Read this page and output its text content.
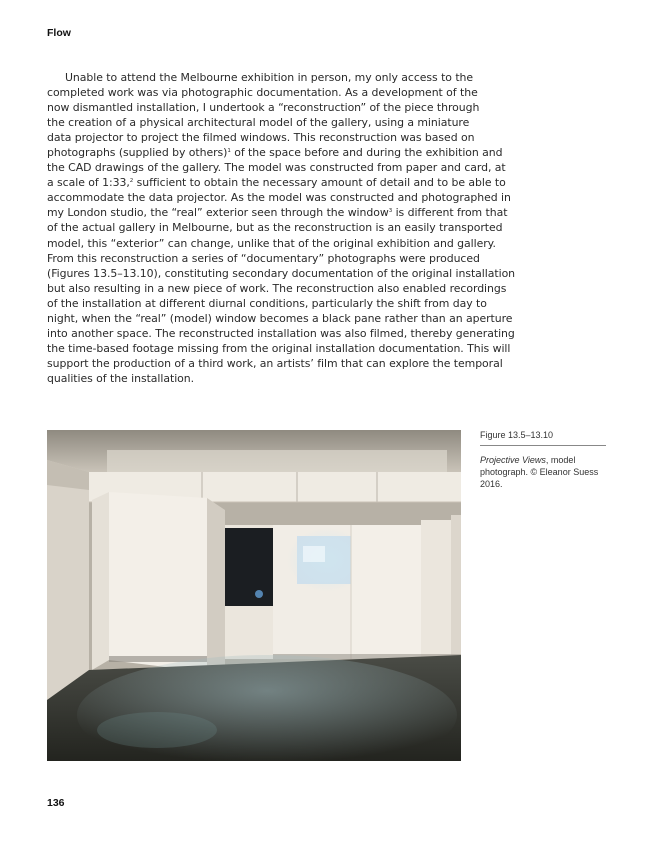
Flow
Unable to attend the Melbourne exhibition in person, my only access to the
completed work was via photographic documentation. As a development of the
now dismantled installation, I undertook a “reconstruction” of the piece through
the creation of a physical architectural model of the gallery, using a miniature
data projector to project the filmed windows. This reconstruction was based on
photographs (supplied by others)$^1$ of the space before and during the exhibition and
the CAD drawings of the gallery. The model was constructed from paper and card, at
a scale of 1:33,$^2$ sufficient to obtain the necessary amount of detail and to be able to
accommodate the data projector. As the model was constructed and photographed in
my London studio, the “real” exterior seen through the window$^3$ is different from that
of the actual gallery in Melbourne, but as the reconstruction is an easily transported
model, this “exterior” can change, unlike that of the original exhibition and gallery.
From this reconstruction a series of “documentary” photographs were produced
(Figures 13.5–13.10), constituting secondary documentation of the original installation
but also resulting in a new piece of work. The reconstruction also enabled recordings
of the installation at different diurnal conditions, particularly the shift from day to
night, when the “real” (model) window becomes a black pane rather than an aperture
into another space. The reconstructed installation was also filmed, thereby generating
the time-based footage missing from the original installation documentation. This will
support the production of a third work, an artists’ film that can explore the temporal
qualities of the installation.
Figure 13.5–13.10
Projective Views, model
photograph. © Eleanor Suess
2016.
136
